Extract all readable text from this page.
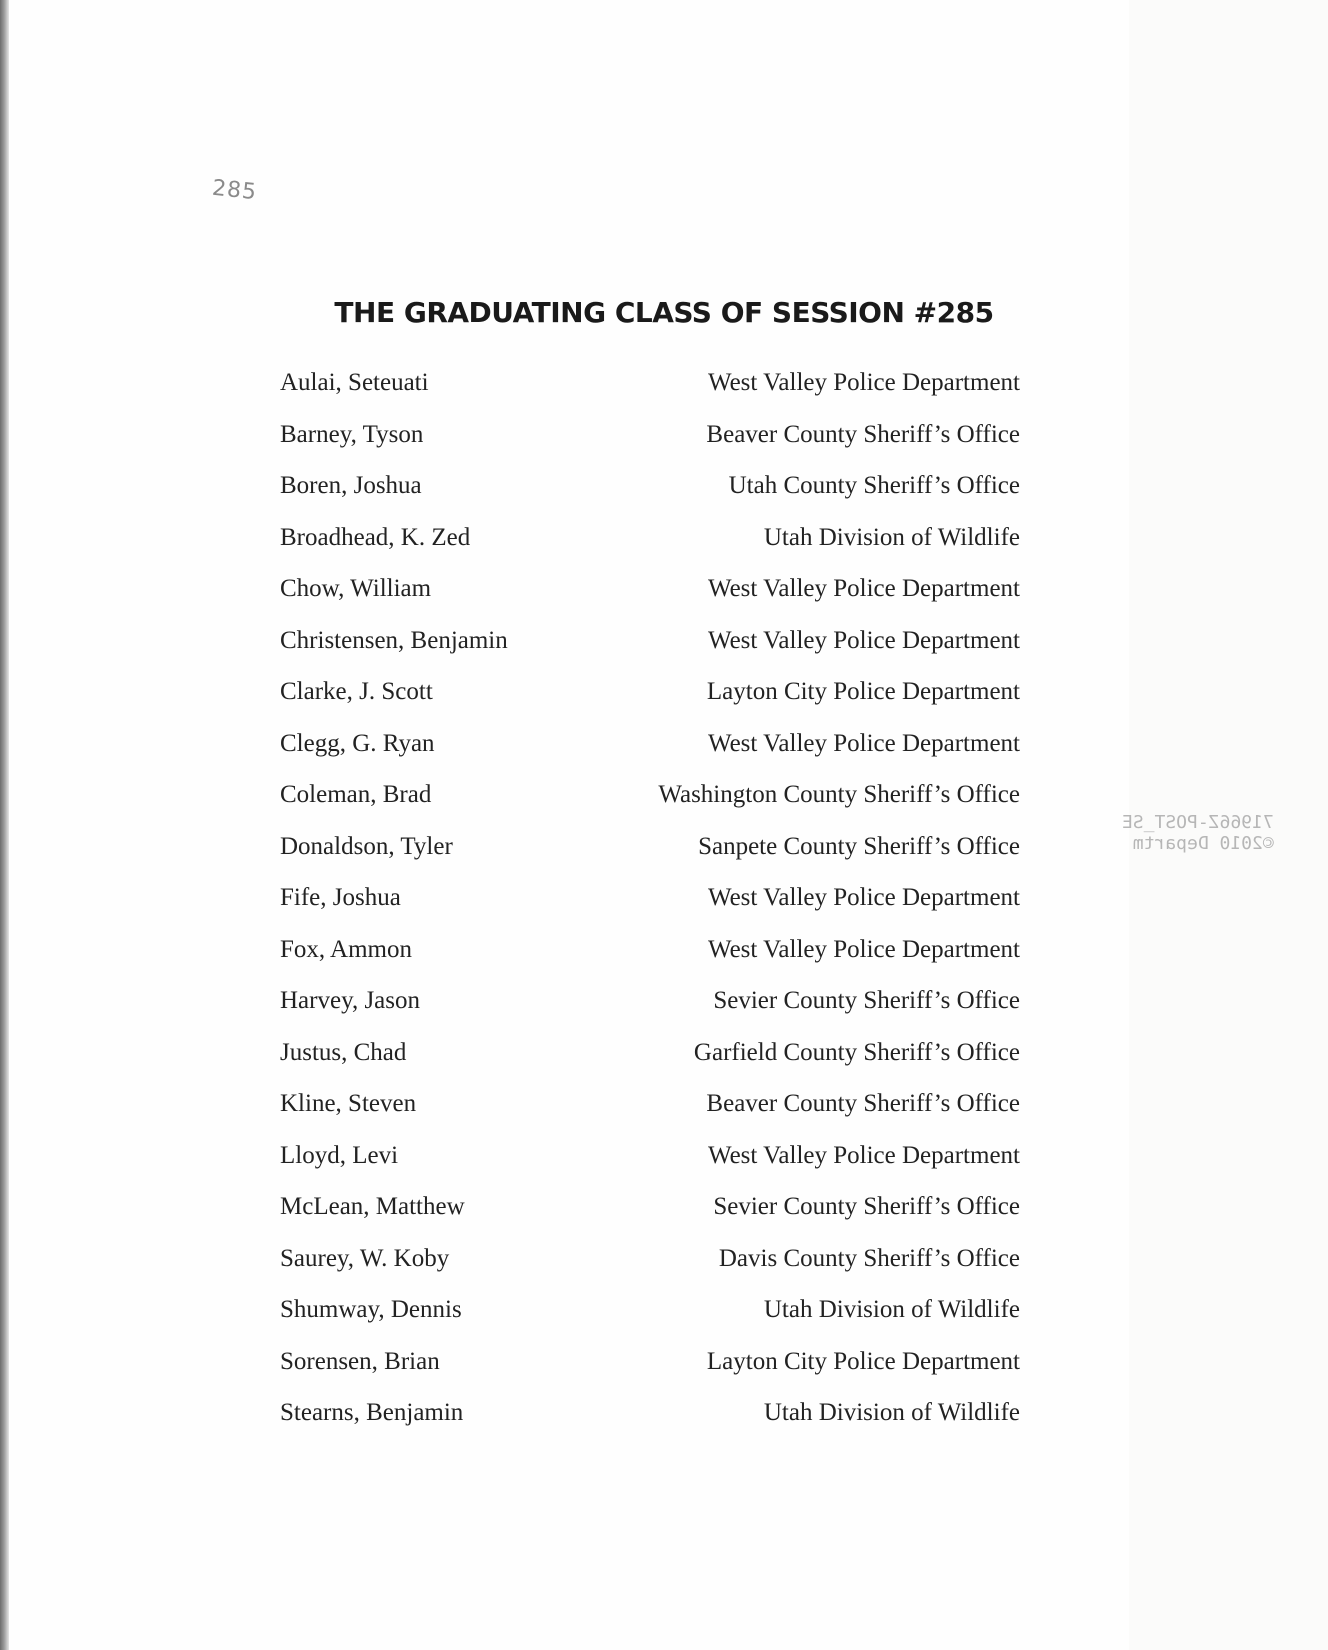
285
THE GRADUATING CLASS OF SESSION #285
Aulai, Seteuati	West Valley Police Department
Barney, Tyson	Beaver County Sheriff’s Office
Boren, Joshua	Utah County Sheriff’s Office
Broadhead, K. Zed	Utah Division of Wildlife
Chow, William	West Valley Police Department
Christensen, Benjamin	West Valley Police Department
Clarke, J. Scott	Layton City Police Department
Clegg, G. Ryan	West Valley Police Department
Coleman, Brad	Washington County Sheriff’s Office
Donaldson, Tyler	Sanpete County Sheriff’s Office
Fife, Joshua	West Valley Police Department
Fox, Ammon	West Valley Police Department
Harvey, Jason	Sevier County Sheriff’s Office
Justus, Chad	Garfield County Sheriff’s Office
Kline, Steven	Beaver County Sheriff’s Office
Lloyd, Levi	West Valley Police Department
McLean, Matthew	Sevier County Sheriff’s Office
Saurey, W. Koby	Davis County Sheriff’s Office
Shumway, Dennis	Utah Division of Wildlife
Sorensen, Brian	Layton City Police Department
Stearns, Benjamin	Utah Division of Wildlife
71966Z-POST_SE
©2010 Departm
